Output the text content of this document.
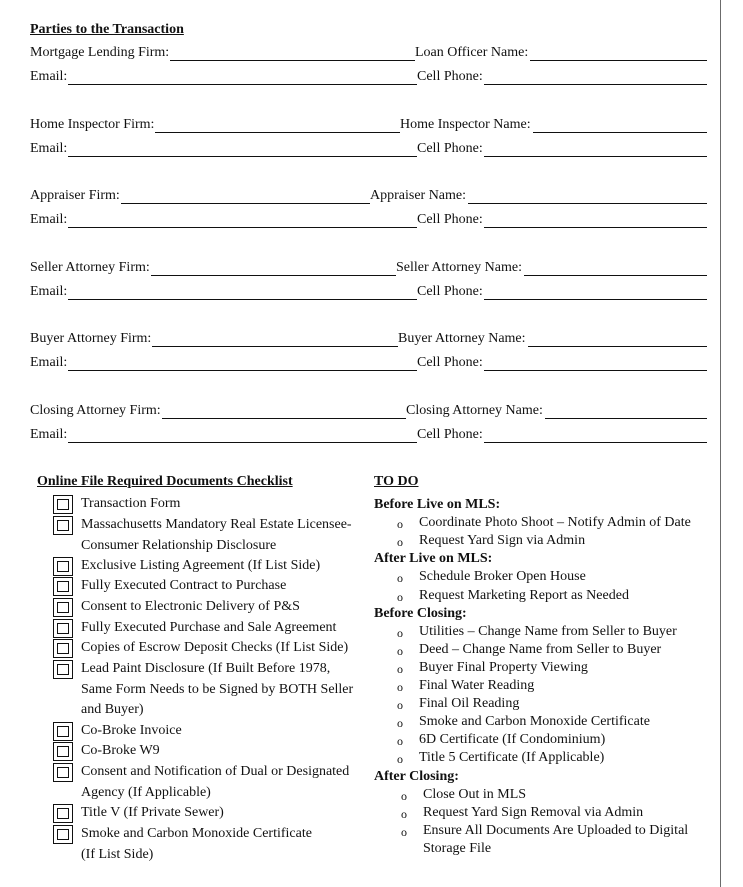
Parties to the Transaction
Mortgage Lending Firm:	Loan Officer Name:
Email:	Cell Phone:
Home Inspector Firm:	Home Inspector Name:
Email:	Cell Phone:
Appraiser Firm:	Appraiser Name:
Email:	Cell Phone:
Seller Attorney Firm:	Seller Attorney Name:
Email:	Cell Phone:
Buyer Attorney Firm:	Buyer Attorney Name:
Email:	Cell Phone:
Closing Attorney Firm:	Closing Attorney Name:
Email:	Cell Phone:
Online File Required Documents Checklist
Transaction Form
Massachusetts Mandatory Real Estate Licensee-
Consumer Relationship Disclosure
Exclusive Listing Agreement (If List Side)
Fully Executed Contract to Purchase
Consent to Electronic Delivery of P&S
Fully Executed Purchase and Sale Agreement
Copies of Escrow Deposit Checks (If List Side)
Lead Paint Disclosure (If Built Before 1978,
Same Form Needs to be Signed by BOTH Seller
and Buyer)
Co-Broke Invoice
Co-Broke W9
Consent and Notification of Dual or Designated
Agency (If Applicable)
Title V (If Private Sewer)
Smoke and Carbon Monoxide Certificate
(If List Side)
TO DO
Before Live on MLS:
o Coordinate Photo Shoot – Notify Admin of Date
o Request Yard Sign via Admin
After Live on MLS:
o Schedule Broker Open House
o Request Marketing Report as Needed
Before Closing:
o Utilities – Change Name from Seller to Buyer
o Deed – Change Name from Seller to Buyer
o Buyer Final Property Viewing
o Final Water Reading
o Final Oil Reading
o Smoke and Carbon Monoxide Certificate
o 6D Certificate (If Condominium)
o Title 5 Certificate (If Applicable)
After Closing:
o Close Out in MLS
o Request Yard Sign Removal via Admin
o Ensure All Documents Are Uploaded to Digital
Storage File
